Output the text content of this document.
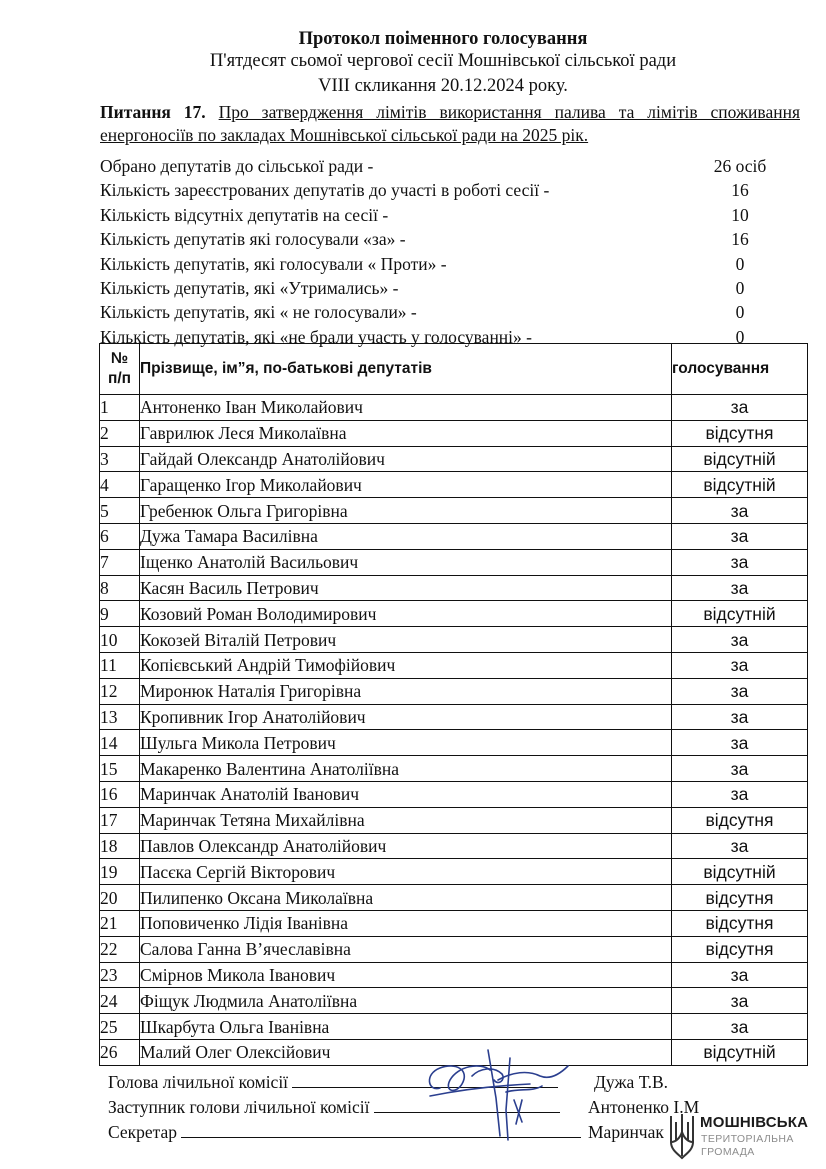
Протокол поіменного голосування
П'ятдесят сьомої чергової сесії Мошнівської сільської ради
VIII скликання 20.12.2024 року.
Питання 17. Про затвердження лімітів використання палива та лімітів споживання енергоносіїв по закладах Мошнівської сільської ради на 2025 рік.
Обрано депутатів до сільської ради -	26 осіб
Кількість зареєстрованих депутатів до участі в роботі сесії -	16
Кількість відсутніх депутатів на сесії -	10
Кількість депутатів які голосували «за» -	16
Кількість депутатів, які голосували « Проти» -	0
Кількість депутатів, які «Утримались» -	0
Кількість депутатів, які « не голосували» -	0
Кількість депутатів, які «не брали участь у голосуванні» -	0
№
п/п	Прізвище, ім”я, по-батькові депутатів	голосування
1	Антоненко Іван Миколайович	за
2	Гаврилюк Леся Миколаївна	відсутня
3	Гайдай Олександр Анатолійович	відсутній
4	Гаращенко Ігор Миколайович	відсутній
5	Гребенюк Ольга Григорівна	за
6	Дужа Тамара Василівна	за
7	Іщенко Анатолій Васильович	за
8	Касян Василь Петрович	за
9	Козовий Роман Володимирович	відсутній
10	Кокозей Віталій Петрович	за
11	Копієвський Андрій Тимофійович	за
12	Миронюк Наталія Григорівна	за
13	Кропивник Ігор Анатолійович	за
14	Шульга Микола Петрович	за
15	Макаренко Валентина Анатоліївна	за
16	Маринчак Анатолій Іванович	за
17	Маринчак Тетяна Михайлівна	відсутня
18	Павлов Олександр Анатолійович	за
19	Пасєка Сергій Вікторович	відсутній
20	Пилипенко Оксана Миколаївна	відсутня
21	Поповиченко Лідія Іванівна	відсутня
22	Салова Ганна В’ячеславівна	відсутня
23	Смірнов Микола Іванович	за
24	Фіщук Людмила Анатоліївна	за
25	Шкарбута Ольга Іванівна	за
26	Малий Олег Олексійович	відсутній
Голова лічильної комісії	Дужа Т.В.
Заступник голови лічильної комісії	Антоненко І.М
Секретар	Маринчак МОШНІВСЬКА
ТЕРИТОРІАЛЬНА
ГРОМАДА
